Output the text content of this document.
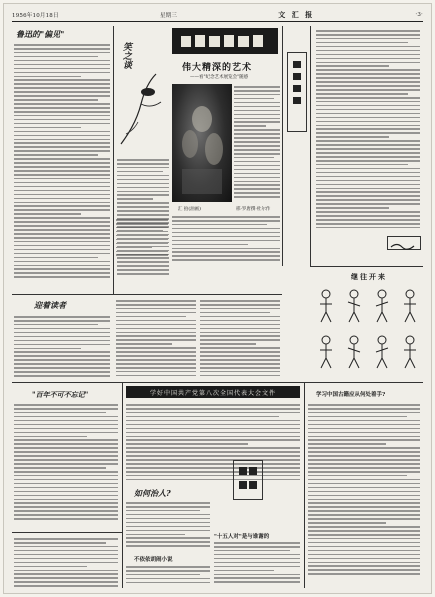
1956年10月18日	星期三	文 汇 报	·3·
鲁迅的"偏见"
笑之谈	伟大精深的艺术
——看"纪念艺术展览会"随感
汇 拍(油画)	邢·罗唐撰·杜尔作
继往开来
迎着读者
"百年不可不忘记"	学好中国共产党第八次全国代表大会文件
如何治人?
"十五人对"是与谁谢的
不依依胡闹小说
学习中国古籍应从何处着手?
